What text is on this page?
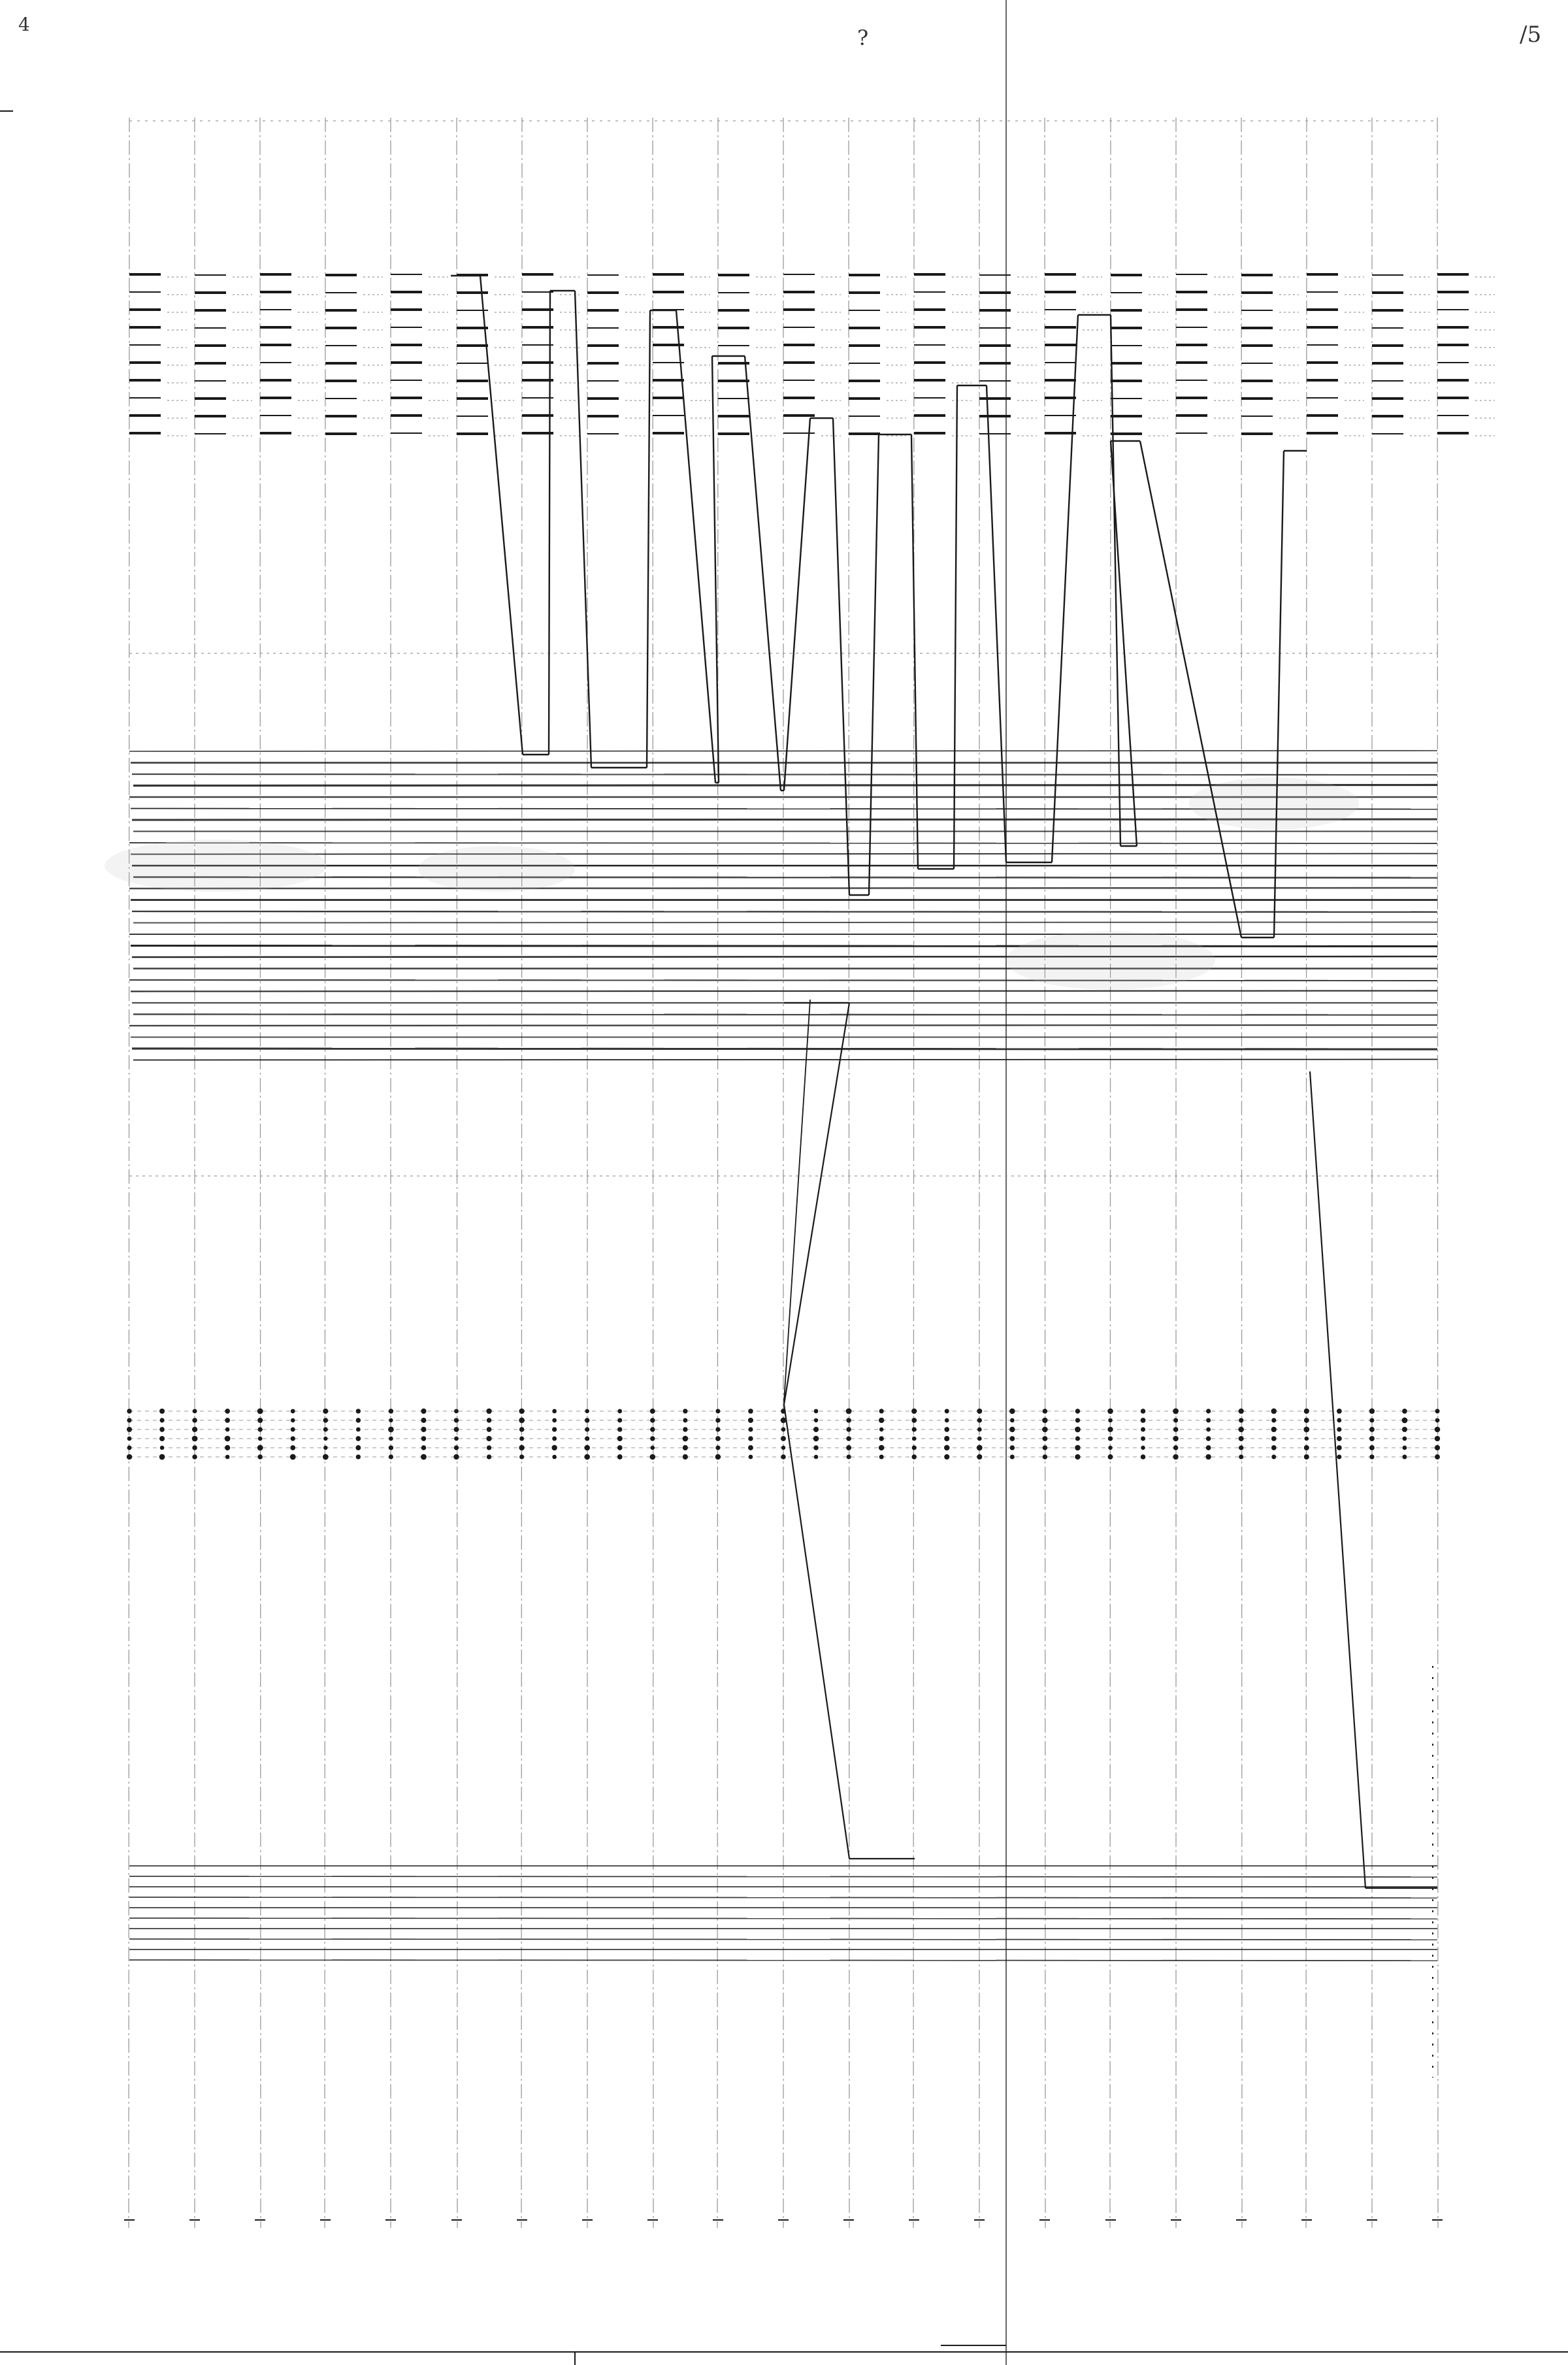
4
?	/5
